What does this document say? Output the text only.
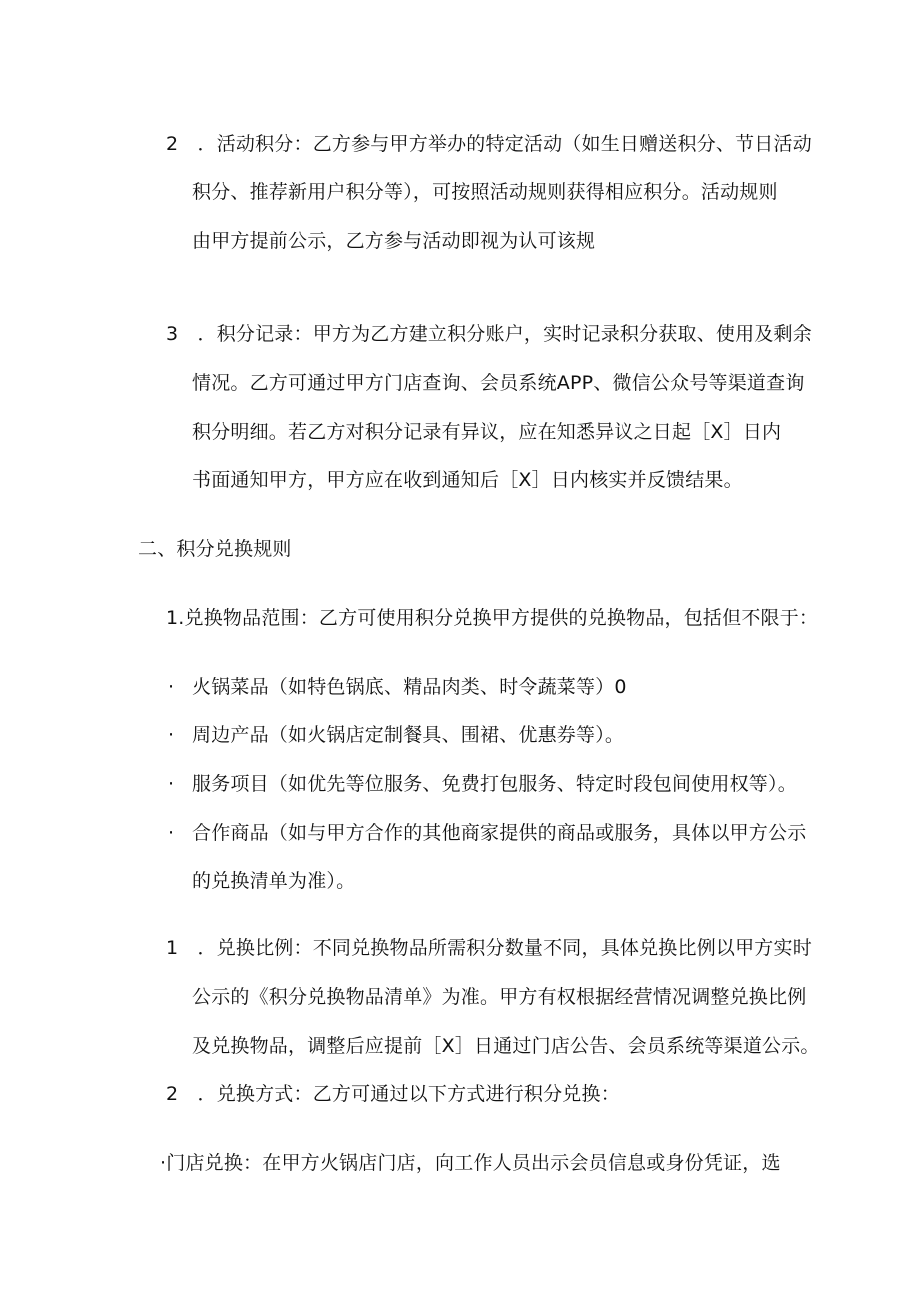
2　．活动积分：乙方参与甲方举办的特定活动（如生日赠送积分、节日活动
积分、推荐新用户积分等），可按照活动规则获得相应积分。活动规则
由甲方提前公示，乙方参与活动即视为认可该规
3　．积分记录：甲方为乙方建立积分账户，实时记录积分获取、使用及剩余
情况。乙方可通过甲方门店查询、会员系统APP、微信公众号等渠道查询
积分明细。若乙方对积分记录有异议，应在知悉异议之日起［X］日内
书面通知甲方，甲方应在收到通知后［X］日内核实并反馈结果。
二、积分兑换规则
1.兑换物品范围：乙方可使用积分兑换甲方提供的兑换物品，包括但不限于：
· 火锅菜品（如特色锅底、精品肉类、时令蔬菜等）0
· 周边产品（如火锅店定制餐具、围裙、优惠券等）。
· 服务项目（如优先等位服务、免费打包服务、特定时段包间使用权等）。
· 合作商品（如与甲方合作的其他商家提供的商品或服务，具体以甲方公示
的兑换清单为准）。
1　．兑换比例：不同兑换物品所需积分数量不同，具体兑换比例以甲方实时
公示的《积分兑换物品清单》为准。甲方有权根据经营情况调整兑换比例
及兑换物品，调整后应提前［X］日通过门店公告、会员系统等渠道公示。
2　．兑换方式：乙方可通过以下方式进行积分兑换：
·门店兑换：在甲方火锅店门店，向工作人员出示会员信息或身份凭证，选
